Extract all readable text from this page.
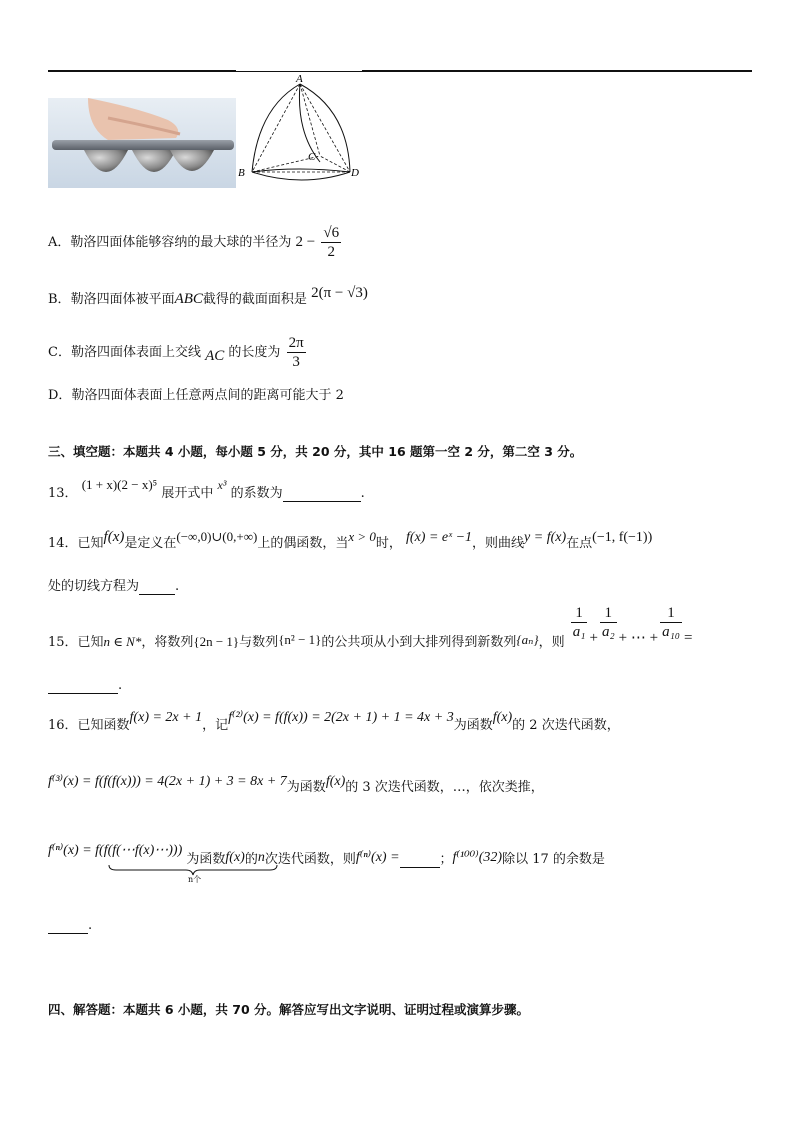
A
B
C
D
A．勒洛四面体能够容纳的最大球的半径为 $2 - \frac{√6}{2}$
B．勒洛四面体被平面ABC截得的截面面积是 2(π − √3)
C．勒洛四面体表面上交线 AC 的长度为 $\frac{2\pi}{3}$
D．勒洛四面体表面上任意两点间的距离可能大于 2
三、填空题：本题共 4 小题，每小题 5 分，共 20 分，其中 16 题第一空 2 分，第二空 3 分。
13． (1 + x)(2 − x)⁵ 展开式中 x³ 的系数为	.
14．已知f(x)是定义在(−∞,0)∪(0,+∞)上的偶函数，当x > 0时， f(x) = eˣ −1，则曲线y = f(x)在点(−1, f(−1))
处的切线方程为	.
15．已知n ∈ N*，将数列{2n − 1}与数列{n² − 1}的公共项从小到大排列得到新数列{aₙ}，则
$\frac{1}{\text{a₁}} + \frac{1}{\text{a₂}}$ + ⋯ + $\frac{1}{\text{a₁₀}}$ =
.
16．已知函数f(x) = 2x + 1，记f⁽²⁾(x) = f(f(x)) = 2(2x + 1) + 1 = 4x + 3为函数f(x)的 2 次迭代函数，
f⁽³⁾(x) = f(f(f(x))) = 4(2x + 1) + 3 = 8x + 7为函数f(x)的 3 次迭代函数，…，依次类推，
f⁽ⁿ⁾(x) = f(f(f(⋯f(x)⋯)))
n个
为函数f(x)的n次迭代函数，则f⁽ⁿ⁾(x) =	；f⁽¹⁰⁰⁾(32)除以 17 的余数是
.
四、解答题：本题共 6 小题，共 70 分。解答应写出文字说明、证明过程或演算步骤。
